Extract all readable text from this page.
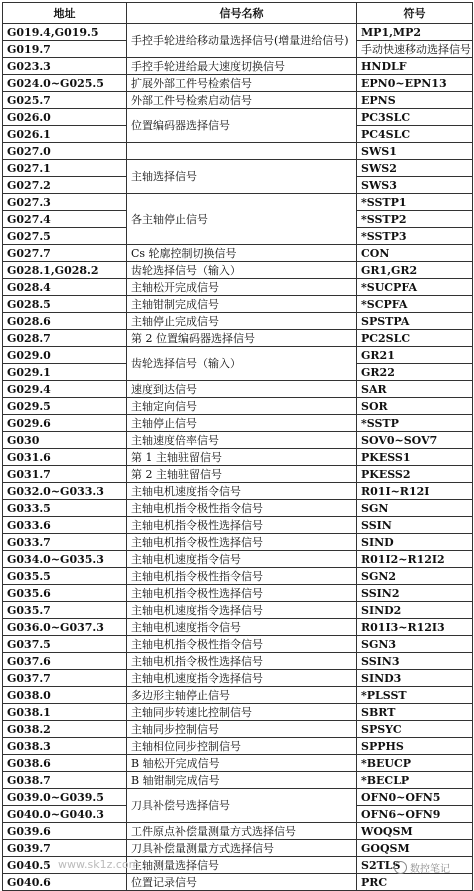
地址	信号名称	符号	
G019.4,G019.5	手控手轮进给移动量选择信号(增量进给信号)	MP1,MP2	
G019.7		手动快速移动选择信号	
G023.3	手控手轮进给最大速度切换信号	HNDLF	
G024.0~G025.5	扩展外部工件号检索信号	EPN0~EPN13	
G025.7	外部工件号检索启动信号	EPNS	
G026.0	位置编码器选择信号	PC3SLC	
G026.1		PC4SLC	
G027.0		SWS1	
G027.1	主轴选择信号	SWS2	
G027.2		SWS3	
G027.3	各主轴停止信号	*SSTP1	
G027.4		*SSTP2	
G027.5		*SSTP3	
G027.7	Cs 轮廓控制切换信号	CON	
G028.1,G028.2	齿轮选择信号（输入）	GR1,GR2	
G028.4	主轴松开完成信号	*SUCPFA	
G028.5	主轴钳制完成信号	*SCPFA	
G028.6	主轴停止完成信号	SPSTPA	
G028.7	第 2 位置编码器选择信号	PC2SLC	
G029.0	齿轮选择信号（输入）	GR21	
G029.1		GR22	
G029.4	速度到达信号	SAR	
G029.5	主轴定向信号	SOR	
G029.6	主轴停止信号	*SSTP	
G030	主轴速度倍率信号	SOV0~SOV7	
G031.6	第 1 主轴驻留信号	PKESS1	
G031.7	第 2 主轴驻留信号	PKESS2	
G032.0~G033.3	主轴电机速度指令信号	R01I~R12I	
G033.5	主轴电机指令极性指令信号	SGN	
G033.6	主轴电机指令极性选择信号	SSIN	
G033.7	主轴电机指令极性选择信号	SIND	
G034.0~G035.3	主轴电机速度指令信号	R01I2~R12I2	
G035.5	主轴电机指令极性指令信号	SGN2	
G035.6	主轴电机指令极性选择信号	SSIN2	
G035.7	主轴电机速度指令选择信号	SIND2	
G036.0~G037.3	主轴电机速度指令信号	R01I3~R12I3	
G037.5	主轴电机指令极性指令信号	SGN3	
G037.6	主轴电机指令极性选择信号	SSIN3	
G037.7	主轴电机速度指令选择信号	SIND3	
G038.0	多边形主轴停止信号	*PLSST	
G038.1	主轴同步转速比控制信号	SBRT	
G038.2	主轴同步控制信号	SPSYC	
G038.3	主轴相位同步控制信号	SPPHS	
G038.6	B 轴松开完成信号	*BEUCP	
G038.7	B 轴钳制完成信号	*BECLP	
G039.0~G039.5	刀具补偿号选择信号	OFN0~OFN5	
G040.0~G040.3		OFN6~OFN9	
G039.6	工件原点补偿量测量方式选择信号	WOQSM	
G039.7	刀具补偿量测量方式选择信号	GOQSM	
G040.5	主轴测量选择信号	S2TLS	
G040.6	位置记录信号	PRC	
www.sk1z.com	数控笔记
